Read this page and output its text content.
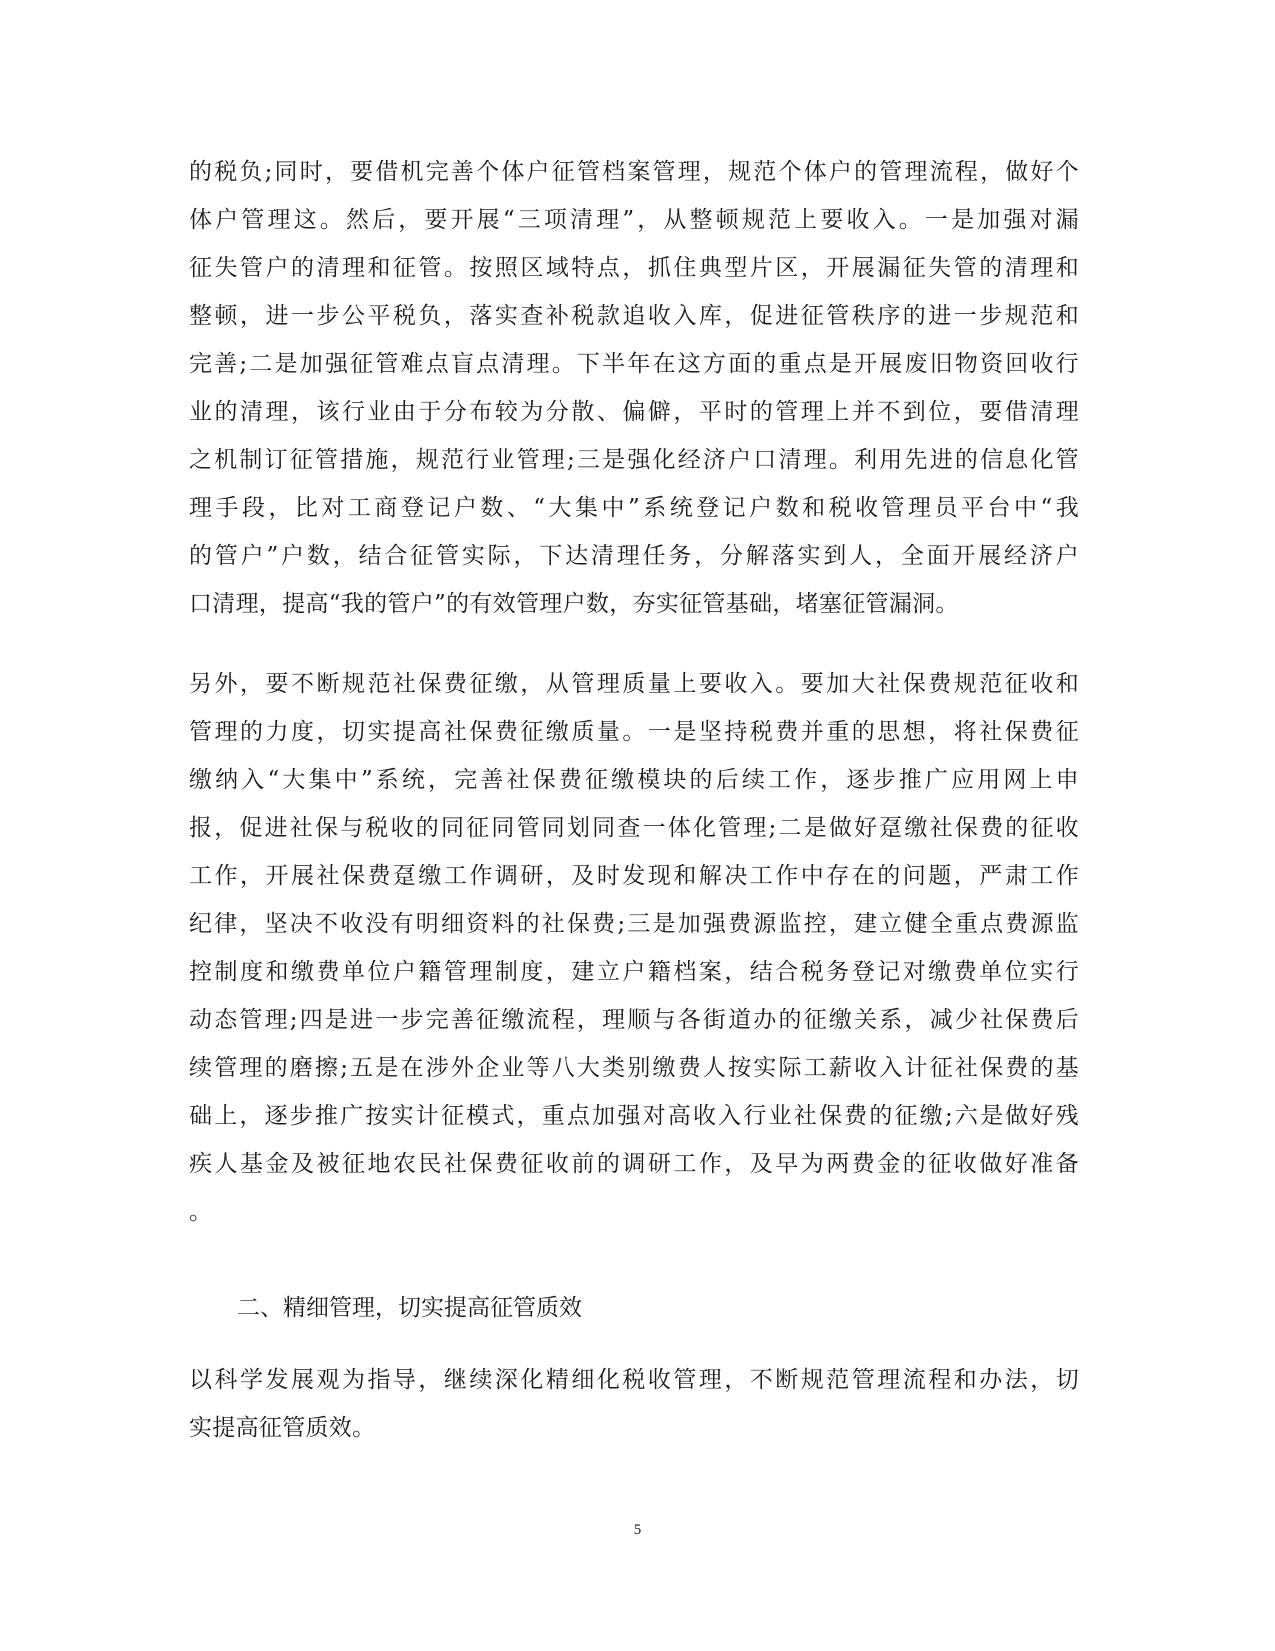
的税负;同时，要借机完善个体户征管档案管理，规范个体户的管理流程，做好个
体户管理这。然后，要开展“三项清理”，从整顿规范上要收入。一是加强对漏
征失管户的清理和征管。按照区域特点，抓住典型片区，开展漏征失管的清理和
整顿，进一步公平税负，落实查补税款追收入库，促进征管秩序的进一步规范和
完善;二是加强征管难点盲点清理。下半年在这方面的重点是开展废旧物资回收行
业的清理，该行业由于分布较为分散、偏僻，平时的管理上并不到位，要借清理
之机制订征管措施，规范行业管理;三是强化经济户口清理。利用先进的信息化管
理手段，比对工商登记户数、“大集中”系统登记户数和税收管理员平台中“我
的管户”户数，结合征管实际，下达清理任务，分解落实到人，全面开展经济户
口清理，提高“我的管户”的有效管理户数，夯实征管基础，堵塞征管漏洞。
另外，要不断规范社保费征缴，从管理质量上要收入。要加大社保费规范征收和
管理的力度，切实提高社保费征缴质量。一是坚持税费并重的思想，将社保费征
缴纳入“大集中”系统，完善社保费征缴模块的后续工作，逐步推广应用网上申
报，促进社保与税收的同征同管同划同查一体化管理;二是做好趸缴社保费的征收
工作，开展社保费趸缴工作调研，及时发现和解决工作中存在的问题，严肃工作
纪律，坚决不收没有明细资料的社保费;三是加强费源监控，建立健全重点费源监
控制度和缴费单位户籍管理制度，建立户籍档案，结合税务登记对缴费单位实行
动态管理;四是进一步完善征缴流程，理顺与各街道办的征缴关系，减少社保费后
续管理的磨擦;五是在涉外企业等八大类别缴费人按实际工薪收入计征社保费的基
础上，逐步推广按实计征模式，重点加强对高收入行业社保费的征缴;六是做好残
疾人基金及被征地农民社保费征收前的调研工作，及早为两费金的征收做好准备
。
二、精细管理，切实提高征管质效
以科学发展观为指导，继续深化精细化税收管理，不断规范管理流程和办法，切
实提高征管质效。
5
